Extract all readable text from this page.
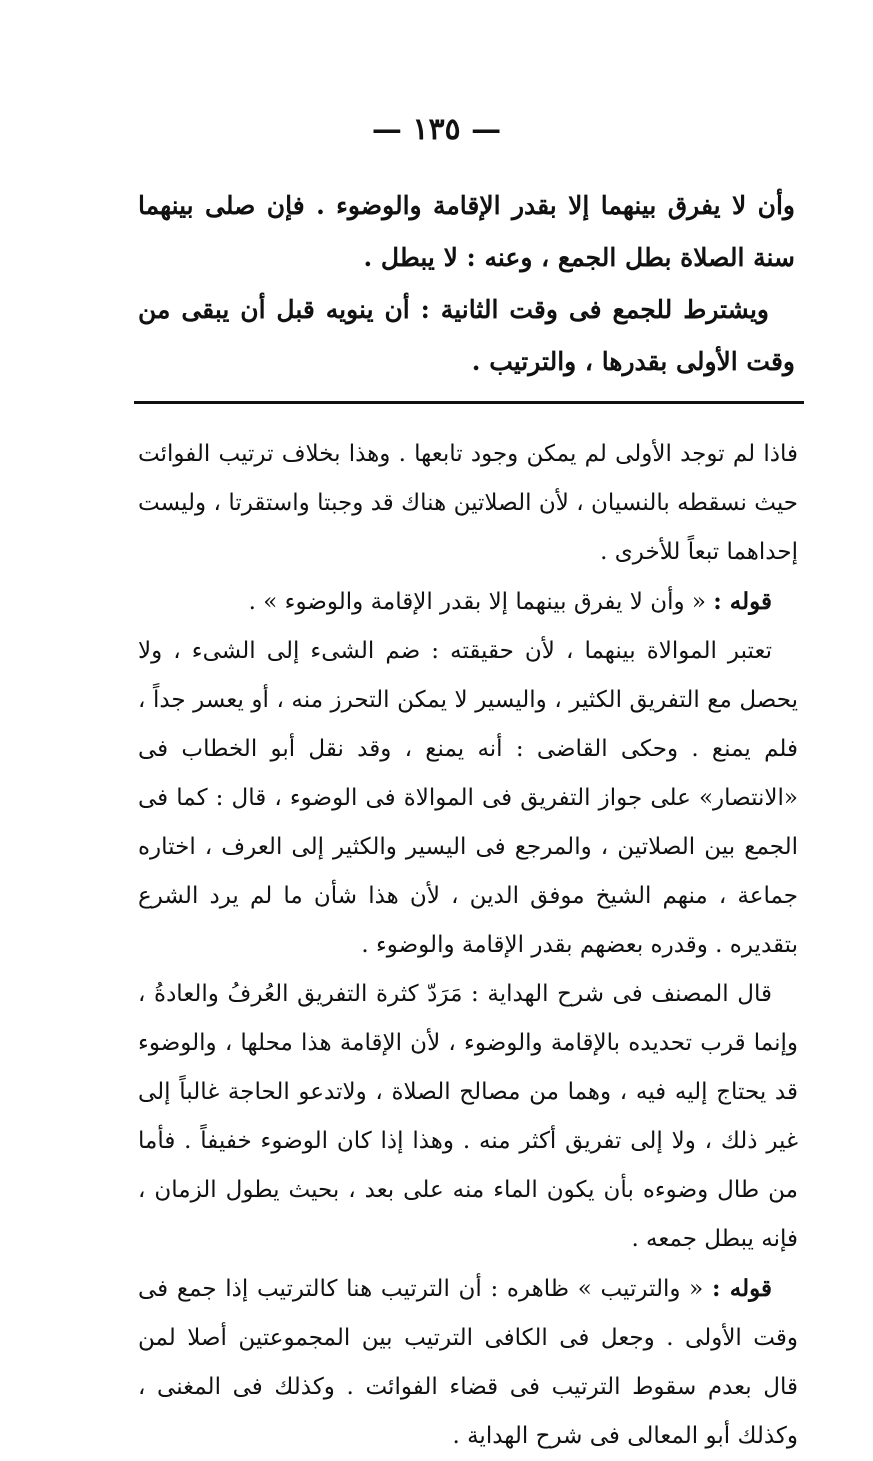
— ١٣٥ —

وأن لا يفرق بينهما إلا بقدر الإقامة والوضوء . فإن صلى بينهما سنة الصلاة بطل الجمع ، وعنه : لا يبطل .

ويشترط للجمع فى وقت الثانية : أن ينويه قبل أن يبقى من وقت الأولى بقدرها ، والترتيب .

فاذا لم توجد الأولى لم يمكن وجود تابعها . وهذا بخلاف ترتيب الفوائت حيث نسقطه بالنسيان ، لأن الصلاتين هناك قد وجبتا واستقرتا ، وليست إحداهما تبعاً للأخرى .

قوله : « وأن لا يفرق بينهما إلا بقدر الإقامة والوضوء » .

تعتبر الموالاة بينهما ، لأن حقيقته : ضم الشىء إلى الشىء ، ولا يحصل مع التفريق الكثير ، واليسير لا يمكن التحرز منه ، أو يعسر جداً ، فلم يمنع . وحكى القاضى : أنه يمنع ، وقد نقل أبو الخطاب فى «الانتصار» على جواز التفريق فى الموالاة فى الوضوء ، قال : كما فى الجمع بين الصلاتين ، والمرجع فى اليسير والكثير إلى العرف ، اختاره جماعة ، منهم الشيخ موفق الدين ، لأن هذا شأن ما لم يرد الشرع بتقديره . وقدره بعضهم بقدر الإقامة والوضوء .

قال المصنف فى شرح الهداية : مَرَدّ كثرة التفريق العُرفُ والعادةُ ، وإنما قرب تحديده بالإقامة والوضوء ، لأن الإقامة هذا محلها ، والوضوء قد يحتاج إليه فيه ، وهما من مصالح الصلاة ، ولاتدعو الحاجة غالباً إلى غير ذلك ، ولا إلى تفريق أكثر منه . وهذا إذا كان الوضوء خفيفاً . فأما من طال وضوءه بأن يكون الماء منه على بعد ، بحيث يطول الزمان ، فإنه يبطل جمعه .

قوله : « والترتيب » ظاهره : أن الترتيب هنا كالترتيب إذا جمع فى وقت الأولى . وجعل فى الكافى الترتيب بين المجموعتين أصلا لمن قال بعدم سقوط الترتيب فى قضاء الفوائت . وكذلك فى المغنى ، وكذلك أبو المعالى فى شرح الهداية .
